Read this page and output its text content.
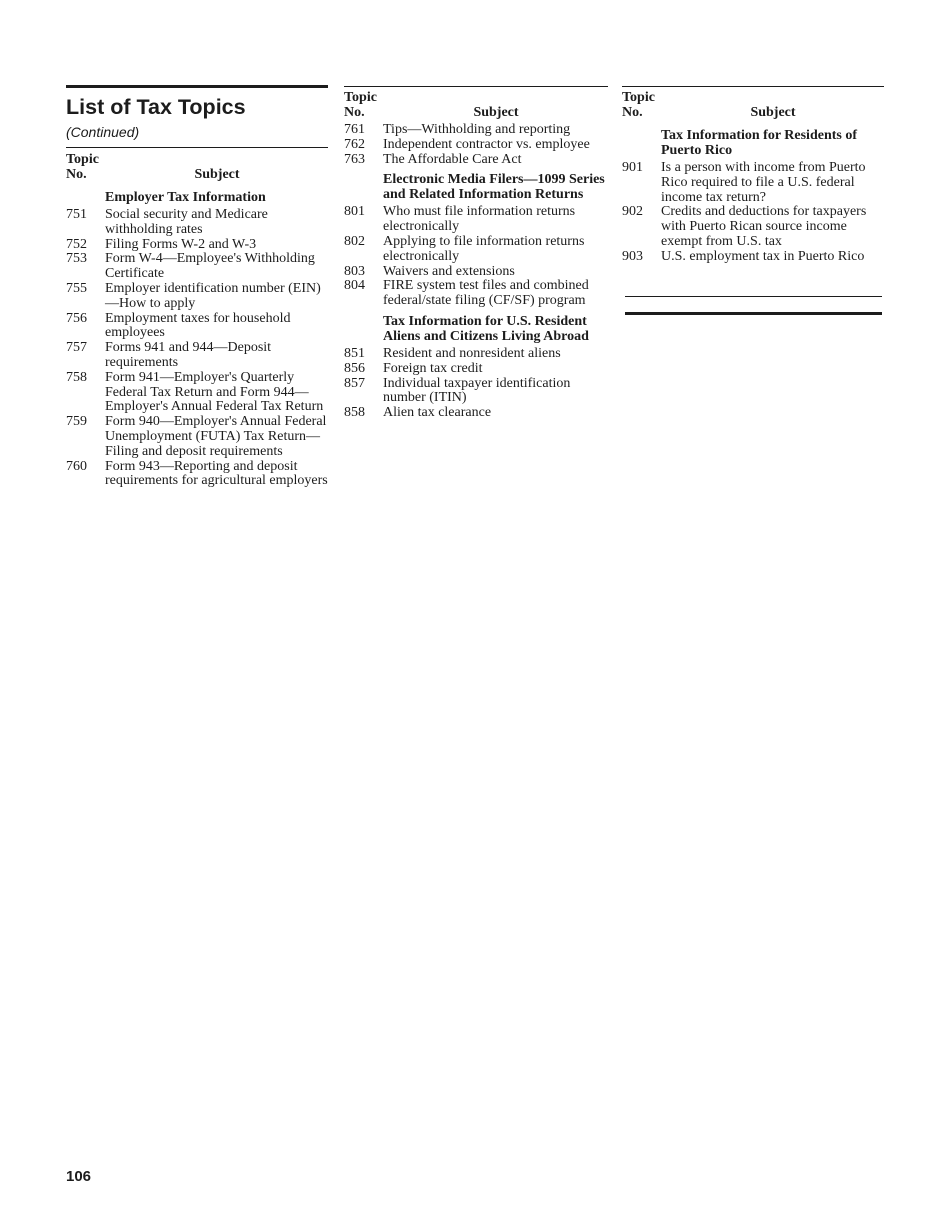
List of Tax Topics
(Continued)
Topic
No.	Subject
Employer Tax Information
751	Social security and Medicare withholding rates
752	Filing Forms W-2 and W-3
753	Form W-4—Employee's Withholding Certificate
755	Employer identification number (EIN)—How to apply
756	Employment taxes for household employees
757	Forms 941 and 944—Deposit requirements
758	Form 941—Employer's Quarterly Federal Tax Return and Form 944—Employer's Annual Federal Tax Return
759	Form 940—Employer's Annual Federal Unemployment (FUTA) Tax Return—Filing and deposit requirements
760	Form 943—Reporting and deposit requirements for agricultural employers
Topic
No.	Subject
761	Tips—Withholding and reporting
762	Independent contractor vs. employee
763	The Affordable Care Act
Electronic Media Filers—1099 Series and Related Information Returns
801	Who must file information returns electronically
802	Applying to file information returns electronically
803	Waivers and extensions
804	FIRE system test files and combined federal/state filing (CF/SF) program
Tax Information for U.S. Resident Aliens and Citizens Living Abroad
851	Resident and nonresident aliens
856	Foreign tax credit
857	Individual taxpayer identification number (ITIN)
858	Alien tax clearance
Topic
No.	Subject
Tax Information for Residents of Puerto Rico
901	Is a person with income from Puerto Rico required to file a U.S. federal income tax return?
902	Credits and deductions for taxpayers with Puerto Rican source income exempt from U.S. tax
903	U.S. employment tax in Puerto Rico
106
